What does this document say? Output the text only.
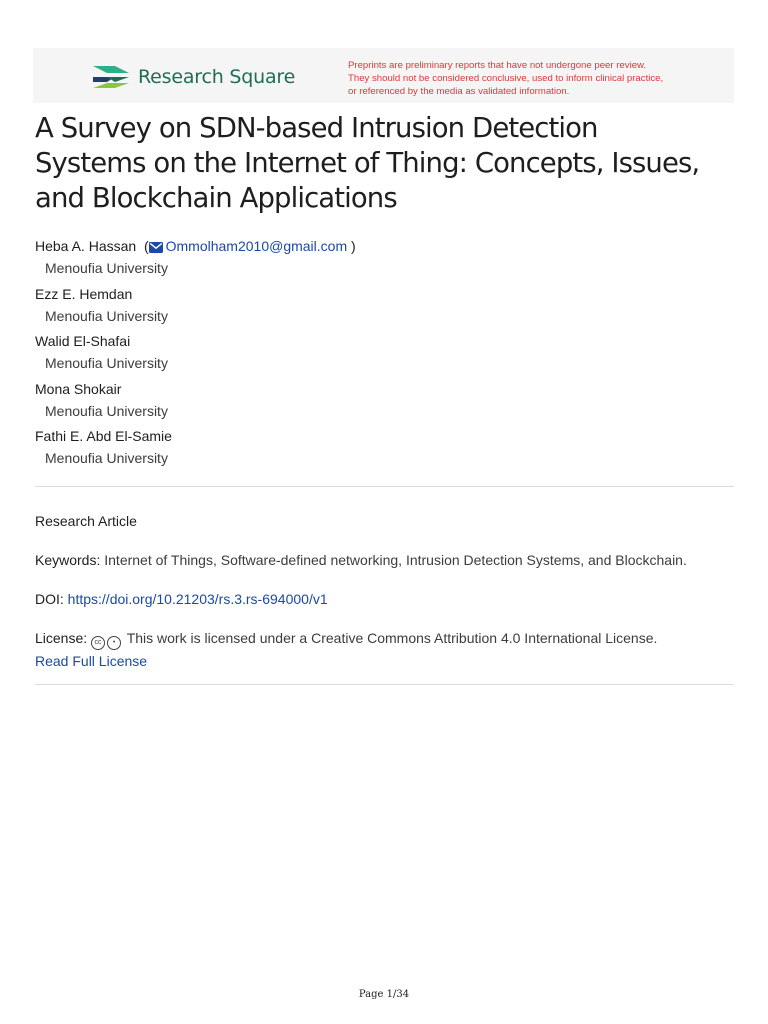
Research Square
Preprints are preliminary reports that have not undergone peer review.
They should not be considered conclusive, used to inform clinical practice,
or referenced by the media as validated information.
A Survey on SDN-based Intrusion Detection
Systems on the Internet of Thing: Concepts, Issues,
and Blockchain Applications
Heba A. Hassan  ( Ommolham2010@gmail.com )
Menoufia University
Ezz E. Hemdan
Menoufia University
Walid El-Shafai
Menoufia University
Mona Shokair
Menoufia University
Fathi E. Abd El-Samie
Menoufia University
Research Article
Keywords: Internet of Things, Software-defined networking, Intrusion Detection Systems, and Blockchain.
DOI: https://doi.org/10.21203/rs.3.rs-694000/v1
License: cc • This work is licensed under a Creative Commons Attribution 4.0 International License.
Read Full License
Page 1/34
